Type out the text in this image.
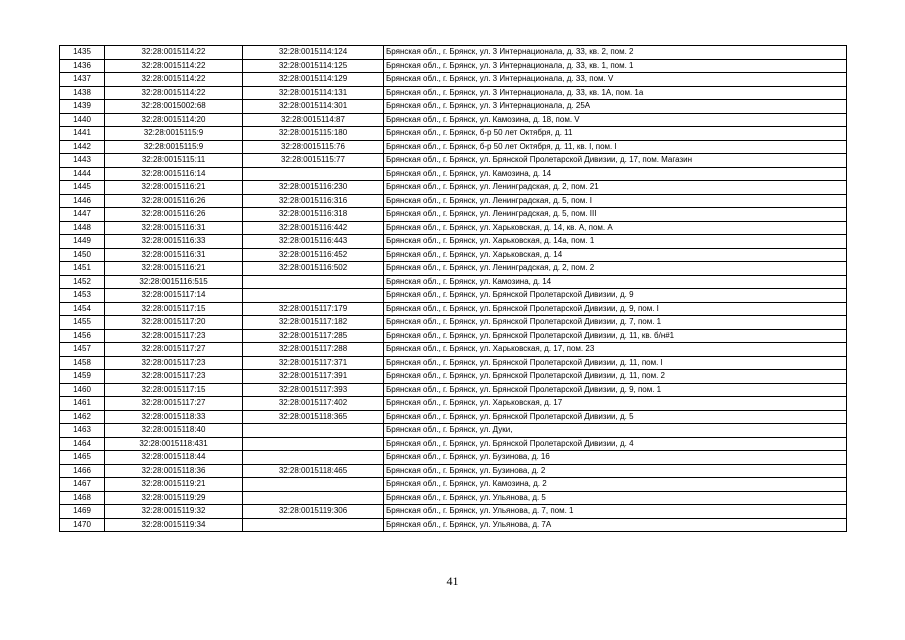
1435	32:28:0015114:22	32:28:0015114:124	Брянская обл., г. Брянск, ул. 3 Интернационала, д. 33, кв. 2, пом. 2
1436	32:28:0015114:22	32:28:0015114:125	Брянская обл., г. Брянск, ул. 3 Интернационала, д. 33, кв. 1, пом. 1
1437	32:28:0015114:22	32:28:0015114:129	Брянская обл., г. Брянск, ул. 3 Интернационала, д. 33, пом. V
1438	32:28:0015114:22	32:28:0015114:131	Брянская обл., г. Брянск, ул. 3 Интернационала, д. 33, кв. 1А, пом. 1а
1439	32:28:0015002:68	32:28:0015114:301	Брянская обл., г. Брянск, ул. 3 Интернационала, д. 25А
1440	32:28:0015114:20	32:28:0015114:87	Брянская обл., г. Брянск, ул. Камозина, д. 18, пом. V
1441	32:28:0015115:9	32:28:0015115:180	Брянская обл., г. Брянск, б-р 50 лет Октября, д. 11
1442	32:28:0015115:9	32:28:0015115:76	Брянская обл., г. Брянск, б-р 50 лет Октября, д. 11, кв. I, пом. I
1443	32:28:0015115:11	32:28:0015115:77	Брянская обл., г. Брянск, ул. Брянской Пролетарской Дивизии, д. 17, пом. Магазин
1444	32:28:0015116:14		Брянская обл., г. Брянск, ул. Камозина, д. 14
1445	32:28:0015116:21	32:28:0015116:230	Брянская обл., г. Брянск, ул. Ленинградская, д. 2, пом. 21
1446	32:28:0015116:26	32:28:0015116:316	Брянская обл., г. Брянск, ул. Ленинградская, д. 5, пом. I
1447	32:28:0015116:26	32:28:0015116:318	Брянская обл., г. Брянск, ул. Ленинградская, д. 5, пом. III
1448	32:28:0015116:31	32:28:0015116:442	Брянская обл., г. Брянск, ул. Харьковская, д. 14, кв. А, пом. А
1449	32:28:0015116:33	32:28:0015116:443	Брянская обл., г. Брянск, ул. Харьковская, д. 14а, пом. 1
1450	32:28:0015116:31	32:28:0015116:452	Брянская обл., г. Брянск, ул. Харьковская, д. 14
1451	32:28:0015116:21	32:28:0015116:502	Брянская обл., г. Брянск, ул. Ленинградская, д. 2, пом. 2
1452	32:28:0015116:515		Брянская обл., г. Брянск, ул. Камозина, д. 14
1453	32:28:0015117:14		Брянская обл., г. Брянск, ул. Брянской Пролетарской Дивизии, д. 9
1454	32:28:0015117:15	32:28:0015117:179	Брянская обл., г. Брянск, ул. Брянской Пролетарской Дивизии, д. 9, пом. I
1455	32:28:0015117:20	32:28:0015117:182	Брянская обл., г. Брянск, ул. Брянской Пролетарской Дивизии, д. 7, пом. 1
1456	32:28:0015117:23	32:28:0015117:285	Брянская обл., г. Брянск, ул. Брянской Пролетарской Дивизии, д. 11, кв. б/н#1
1457	32:28:0015117:27	32:28:0015117:288	Брянская обл., г. Брянск, ул. Харьковская, д. 17, пом. 23
1458	32:28:0015117:23	32:28:0015117:371	Брянская обл., г. Брянск, ул. Брянской Пролетарской Дивизии, д. 11, пом. I
1459	32:28:0015117:23	32:28:0015117:391	Брянская обл., г. Брянск, ул. Брянской Пролетарской Дивизии, д. 11, пом. 2
1460	32:28:0015117:15	32:28:0015117:393	Брянская обл., г. Брянск, ул. Брянской Пролетарской Дивизии, д. 9, пом. 1
1461	32:28:0015117:27	32:28:0015117:402	Брянская обл., г. Брянск, ул. Харьковская, д. 17
1462	32:28:0015118:33	32:28:0015118:365	Брянская обл., г. Брянск, ул. Брянской Пролетарской Дивизии, д. 5
1463	32:28:0015118:40		Брянская обл., г. Брянск, ул. Дуки,
1464	32:28:0015118:431		Брянская обл., г. Брянск, ул. Брянской Пролетарской Дивизии, д. 4
1465	32:28:0015118:44		Брянская обл., г. Брянск, ул. Бузинова, д. 16
1466	32:28:0015118:36	32:28:0015118:465	Брянская обл., г. Брянск, ул. Бузинова, д. 2
1467	32:28:0015119:21		Брянская обл., г. Брянск, ул. Камозина, д. 2
1468	32:28:0015119:29		Брянская обл., г. Брянск, ул. Ульянова, д. 5
1469	32:28:0015119:32	32:28:0015119:306	Брянская обл., г. Брянск, ул. Ульянова, д. 7, пом. 1
1470	32:28:0015119:34		Брянская обл., г. Брянск, ул. Ульянова, д. 7А
41
